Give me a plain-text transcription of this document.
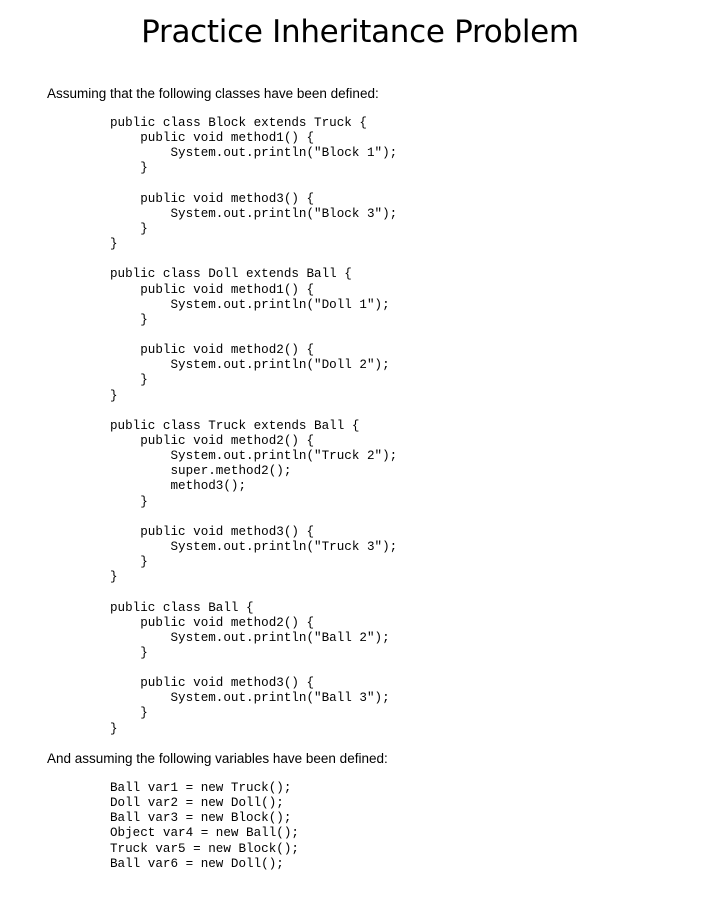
Practice Inheritance Problem
Assuming that the following classes have been defined:
public class Block extends Truck {
public void method1() {
System.out.println("Block 1");
}
public void method3() {
System.out.println("Block 3");
}
}
public class Doll extends Ball {
public void method1() {
System.out.println("Doll 1");
}
public void method2() {
System.out.println("Doll 2");
}
}
public class Truck extends Ball {
public void method2() {
System.out.println("Truck 2");
super.method2();
method3();
}
public void method3() {
System.out.println("Truck 3");
}
}
public class Ball {
public void method2() {
System.out.println("Ball 2");
}
public void method3() {
System.out.println("Ball 3");
}
}
And assuming the following variables have been defined:
Ball var1 = new Truck();
Doll var2 = new Doll();
Ball var3 = new Block();
Object var4 = new Ball();
Truck var5 = new Block();
Ball var6 = new Doll();
